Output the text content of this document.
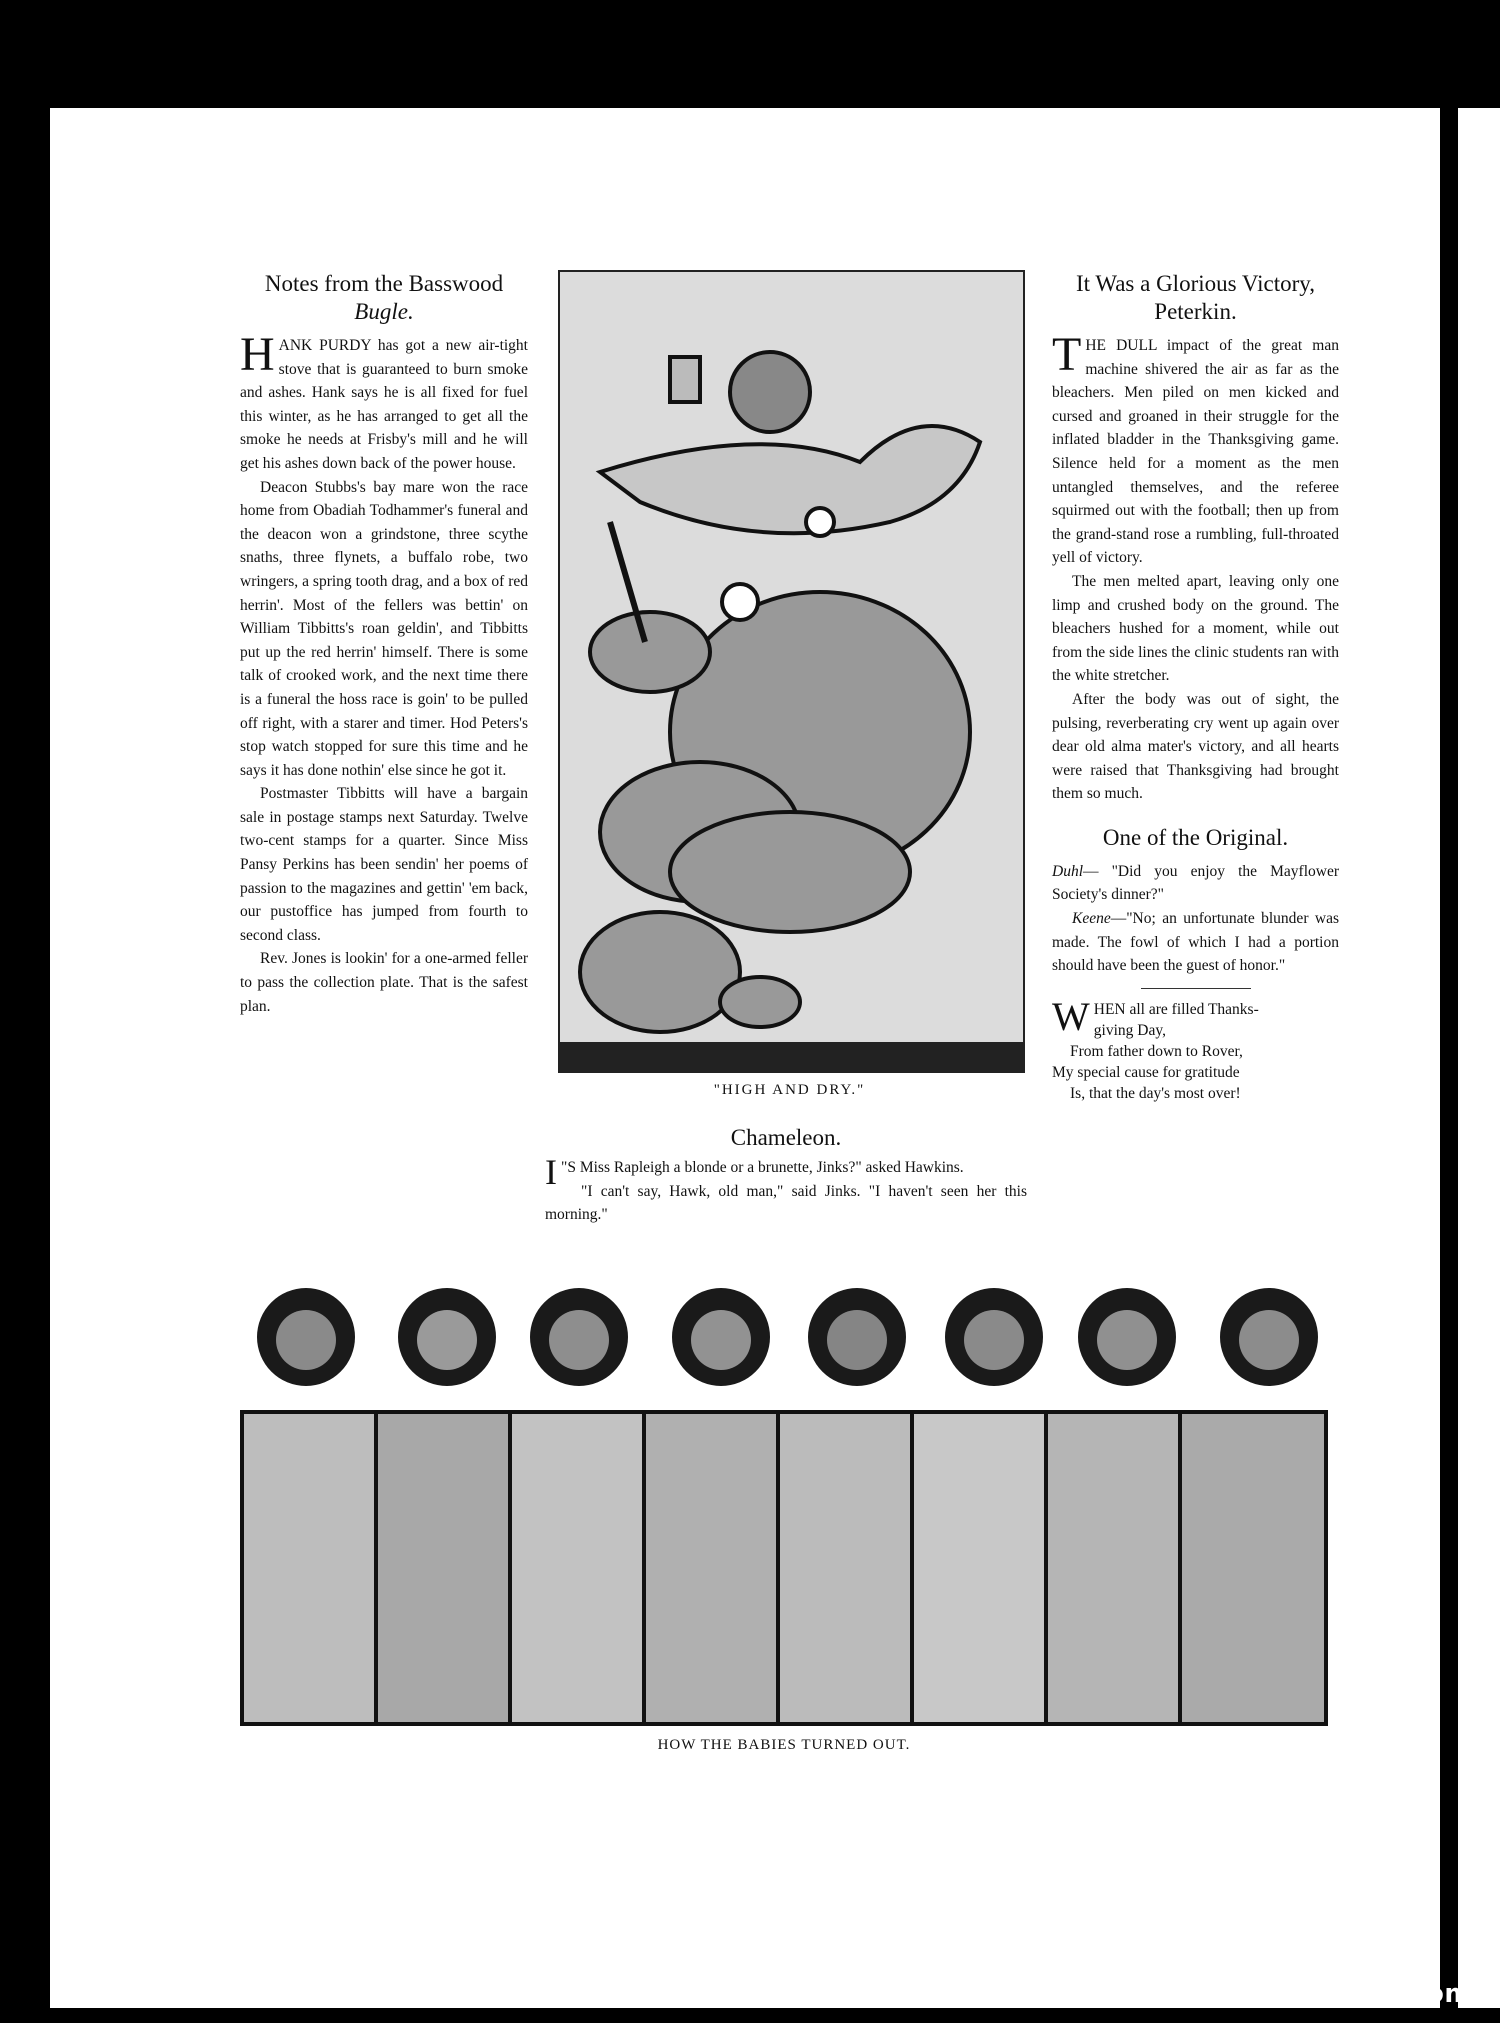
Notes from the Basswood
Bugle.

HANK PURDY has got a new air-tight stove that is guaranteed to burn smoke and ashes. Hank says he is all fixed for fuel this winter, as he has arranged to get all the smoke he needs at Frisby's mill and he will get his ashes down back of the power house.

Deacon Stubbs's bay mare won the race home from Obadiah Todhammer's funeral and the deacon won a grindstone, three scythe snaths, three flynets, a buffalo robe, two wringers, a spring tooth drag, and a box of red herrin'. Most of the fellers was bettin' on William Tibbitts's roan geldin', and Tibbitts put up the red herrin' himself. There is some talk of crooked work, and the next time there is a funeral the hoss race is goin' to be pulled off right, with a starer and timer. Hod Peters's stop watch stopped for sure this time and he says it has done nothin' else since he got it.

Postmaster Tibbitts will have a bargain sale in postage stamps next Saturday. Twelve two-cent stamps for a quarter. Since Miss Pansy Perkins has been sendin' her poems of passion to the magazines and gettin' 'em back, our pustoffice has jumped from fourth to second class.

Rev. Jones is lookin' for a one-armed feller to pass the collection plate. That is the safest plan.

"HIGH AND DRY."
Chameleon.

"
I S Miss Rapleigh a blonde or a brunette, Jinks?" asked Hawkins.

"I can't say, Hawk, old man," said Jinks. "I haven't seen her this morning."

It Was a Glorious Victory,
Peterkin.

THE DULL impact of the great man machine shivered the air as far as the bleachers. Men piled on men kicked and cursed and groaned in their struggle for the inflated bladder in the Thanksgiving game. Silence held for a moment as the men untangled themselves, and the referee squirmed out with the football; then up from the grand-stand rose a rumbling, full-throated yell of victory.

The men melted apart, leaving only one limp and crushed body on the ground. The bleachers hushed for a moment, while out from the side lines the clinic students ran with the white stretcher.

After the body was out of sight, the pulsing, reverberating cry went up again over dear old alma mater's victory, and all hearts were raised that Thanksgiving had brought them so much.

One of the Original.

Duhl— "Did you enjoy the Mayflower Society's dinner?"

Keene—"No; an unfortunate blunder was made. The fowl of which I had a portion should have been the guest of honor."

W HEN all are filled Thanks-
giving Day,
From father down to Rover,
My special cause for gratitude
Is, that the day's most over!
HOW THE BABIES TURNED OUT.
comicbooks.com
